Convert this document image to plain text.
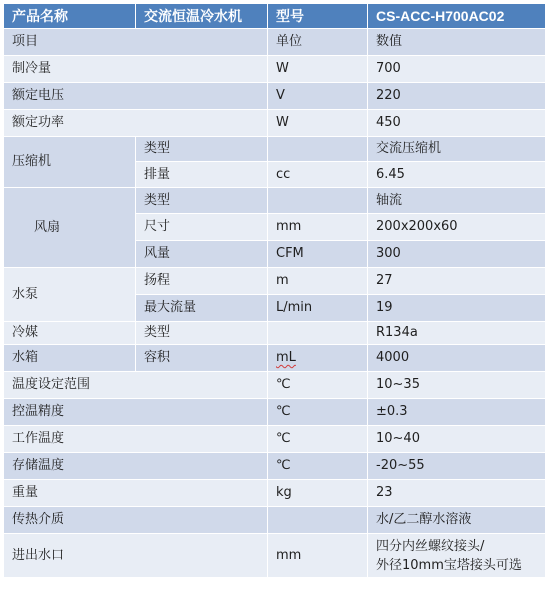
产品名称	交流恒温冷水机	型号	CS-ACC-H700AC02
项目		单位	数值
制冷量		W	700
额定电压		V	220
额定功率		W	450
压缩机	类型		交流压缩机
	排量	cc	6.45
风扇	类型		轴流
	尺寸	mm	200x200x60
	风量	CFM	300
水泵	扬程	m	27
	最大流量	L/min	19
冷媒	类型		R134a
水箱	容积	mL	4000
温度设定范围		℃	10~35
控温精度		℃	±0.3
工作温度		℃	10~40
存储温度		℃	-20~55
重量		kg	23
传热介质			水/乙二醇水溶液
进出水口		mm	四分内丝螺纹接头/
外径10mm宝塔接头可选
